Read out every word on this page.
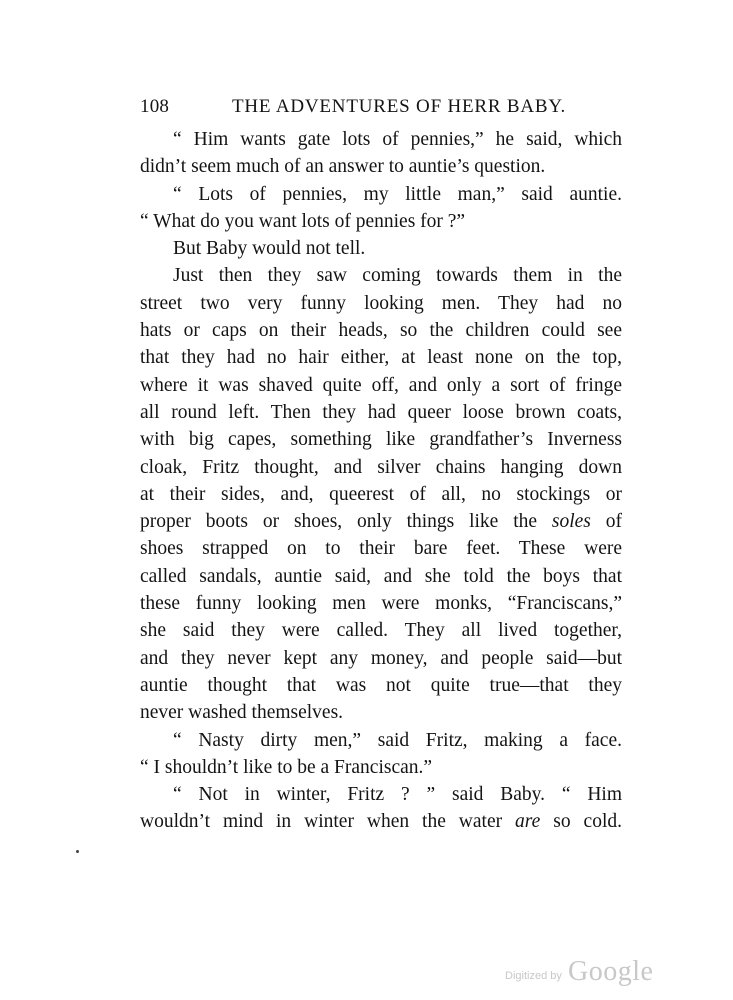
108	THE ADVENTURES OF HERR BABY.
“ Him wants gate lots of pennies,” he said, which
didn’t seem much of an answer to auntie’s question.
“ Lots of pennies, my little man,” said auntie.
“ What do you want lots of pennies for ?”
But Baby would not tell.
Just then they saw coming towards them in the
street two very funny looking men. They had no
hats or caps on their heads, so the children could see
that they had no hair either, at least none on the top,
where it was shaved quite off, and only a sort of fringe
all round left. Then they had queer loose brown coats,
with big capes, something like grandfather’s Inverness
cloak, Fritz thought, and silver chains hanging down
at their sides, and, queerest of all, no stockings or
proper boots or shoes, only things like the soles of
shoes strapped on to their bare feet. These were
called sandals, auntie said, and she told the boys that
these funny looking men were monks, “Franciscans,”
she said they were called. They all lived together,
and they never kept any money, and people said—but
auntie thought that was not quite true—that they
never washed themselves.
“ Nasty dirty men,” said Fritz, making a face.
“ I shouldn’t like to be a Franciscan.”
“ Not in winter, Fritz ? ” said Baby. “ Him
wouldn’t mind in winter when the water are so cold.
Digitized by Google
